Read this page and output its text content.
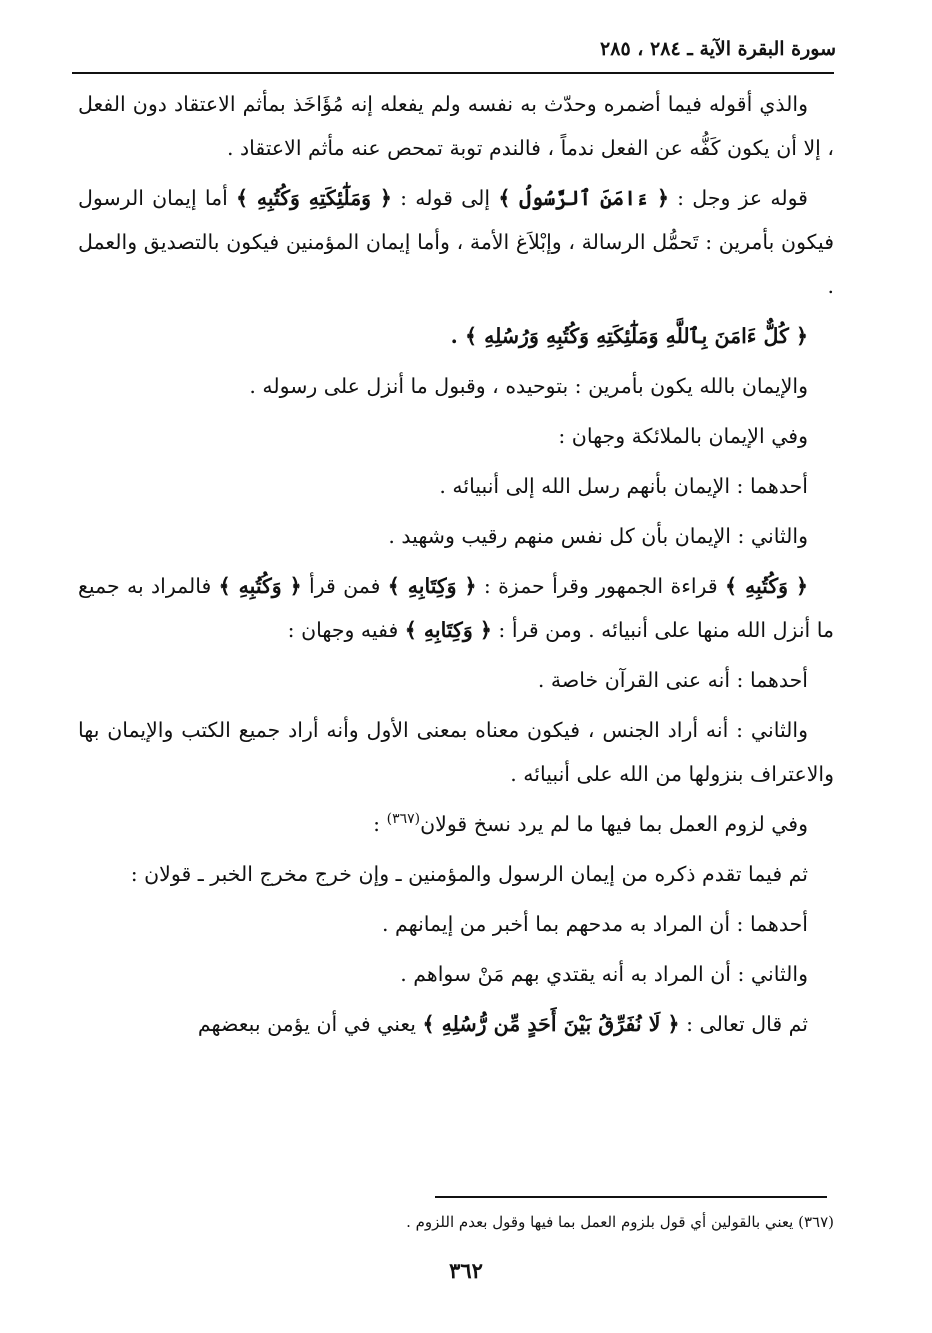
سورة البقرة الآية ـ ٢٨٤ ، ٢٨٥

والذي أقوله فيما أضمره وحدّث به نفسه ولم يفعله إنه مُؤَاخَذ بمأثم الاعتقاد دون الفعل ، إلا أن يكون كَفُّه عن الفعل ندماً ، فالندم توبة تمحص عنه مأثم الاعتقاد .

قوله عز وجل : ﴿ ءَامَنَ ٱلرَّسُولُ ﴾ إلى قوله : ﴿ وَمَلَٰٓئِكَتِهِ وَكُتُبِهِ ﴾ أما إيمان الرسول فيكون بأمرين : تَحمُّل الرسالة ، وإبْلاَغ الأمة ، وأما إيمان المؤمنين فيكون بالتصديق والعمل .

﴿ كُلٌّ ءَامَنَ بِٱللَّهِ وَمَلَٰٓئِكَتِهِ وَكُتُبِهِ وَرُسُلِهِ ﴾ .

والإيمان بالله يكون بأمرين : بتوحيده ، وقبول ما أنزل على رسوله .

وفي الإيمان بالملائكة وجهان :

أحدهما : الإيمان بأنهم رسل الله إلى أنبيائه .

والثاني : الإيمان بأن كل نفس منهم رقيب وشهيد .

﴿ وَكُتُبِهِ ﴾ قراءة الجمهور وقرأ حمزة : ﴿ وَكِتَابِهِ ﴾ فمن قرأ ﴿ وَكُتُبِهِ ﴾ فالمراد به جميع ما أنزل الله منها على أنبيائه . ومن قرأ : ﴿ وَكِتَابِهِ ﴾ ففيه وجهان :

أحدهما : أنه عنى القرآن خاصة .

والثاني : أنه أراد الجنس ، فيكون معناه بمعنى الأول وأنه أراد جميع الكتب والإيمان بها والاعتراف بنزولها من الله على أنبيائه .

وفي لزوم العمل بما فيها ما لم يرد نسخ قولان$^{(٣٦٧)}$ :

ثم فيما تقدم ذكره من إيمان الرسول والمؤمنين ـ وإن خرج مخرج الخبر ـ قولان :

أحدهما : أن المراد به مدحهم بما أخبر من إيمانهم .

والثاني : أن المراد به أنه يقتدي بهم مَنْ سواهم .

ثم قال تعالى : ﴿ لَا نُفَرِّقُ بَيْنَ أَحَدٍ مِّن رُّسُلِهِ ﴾ يعني في أن يؤمن ببعضهم

(٣٦٧) يعني بالقولين أي قول بلزوم العمل بما فيها وقول بعدم اللزوم .
٣٦٢
